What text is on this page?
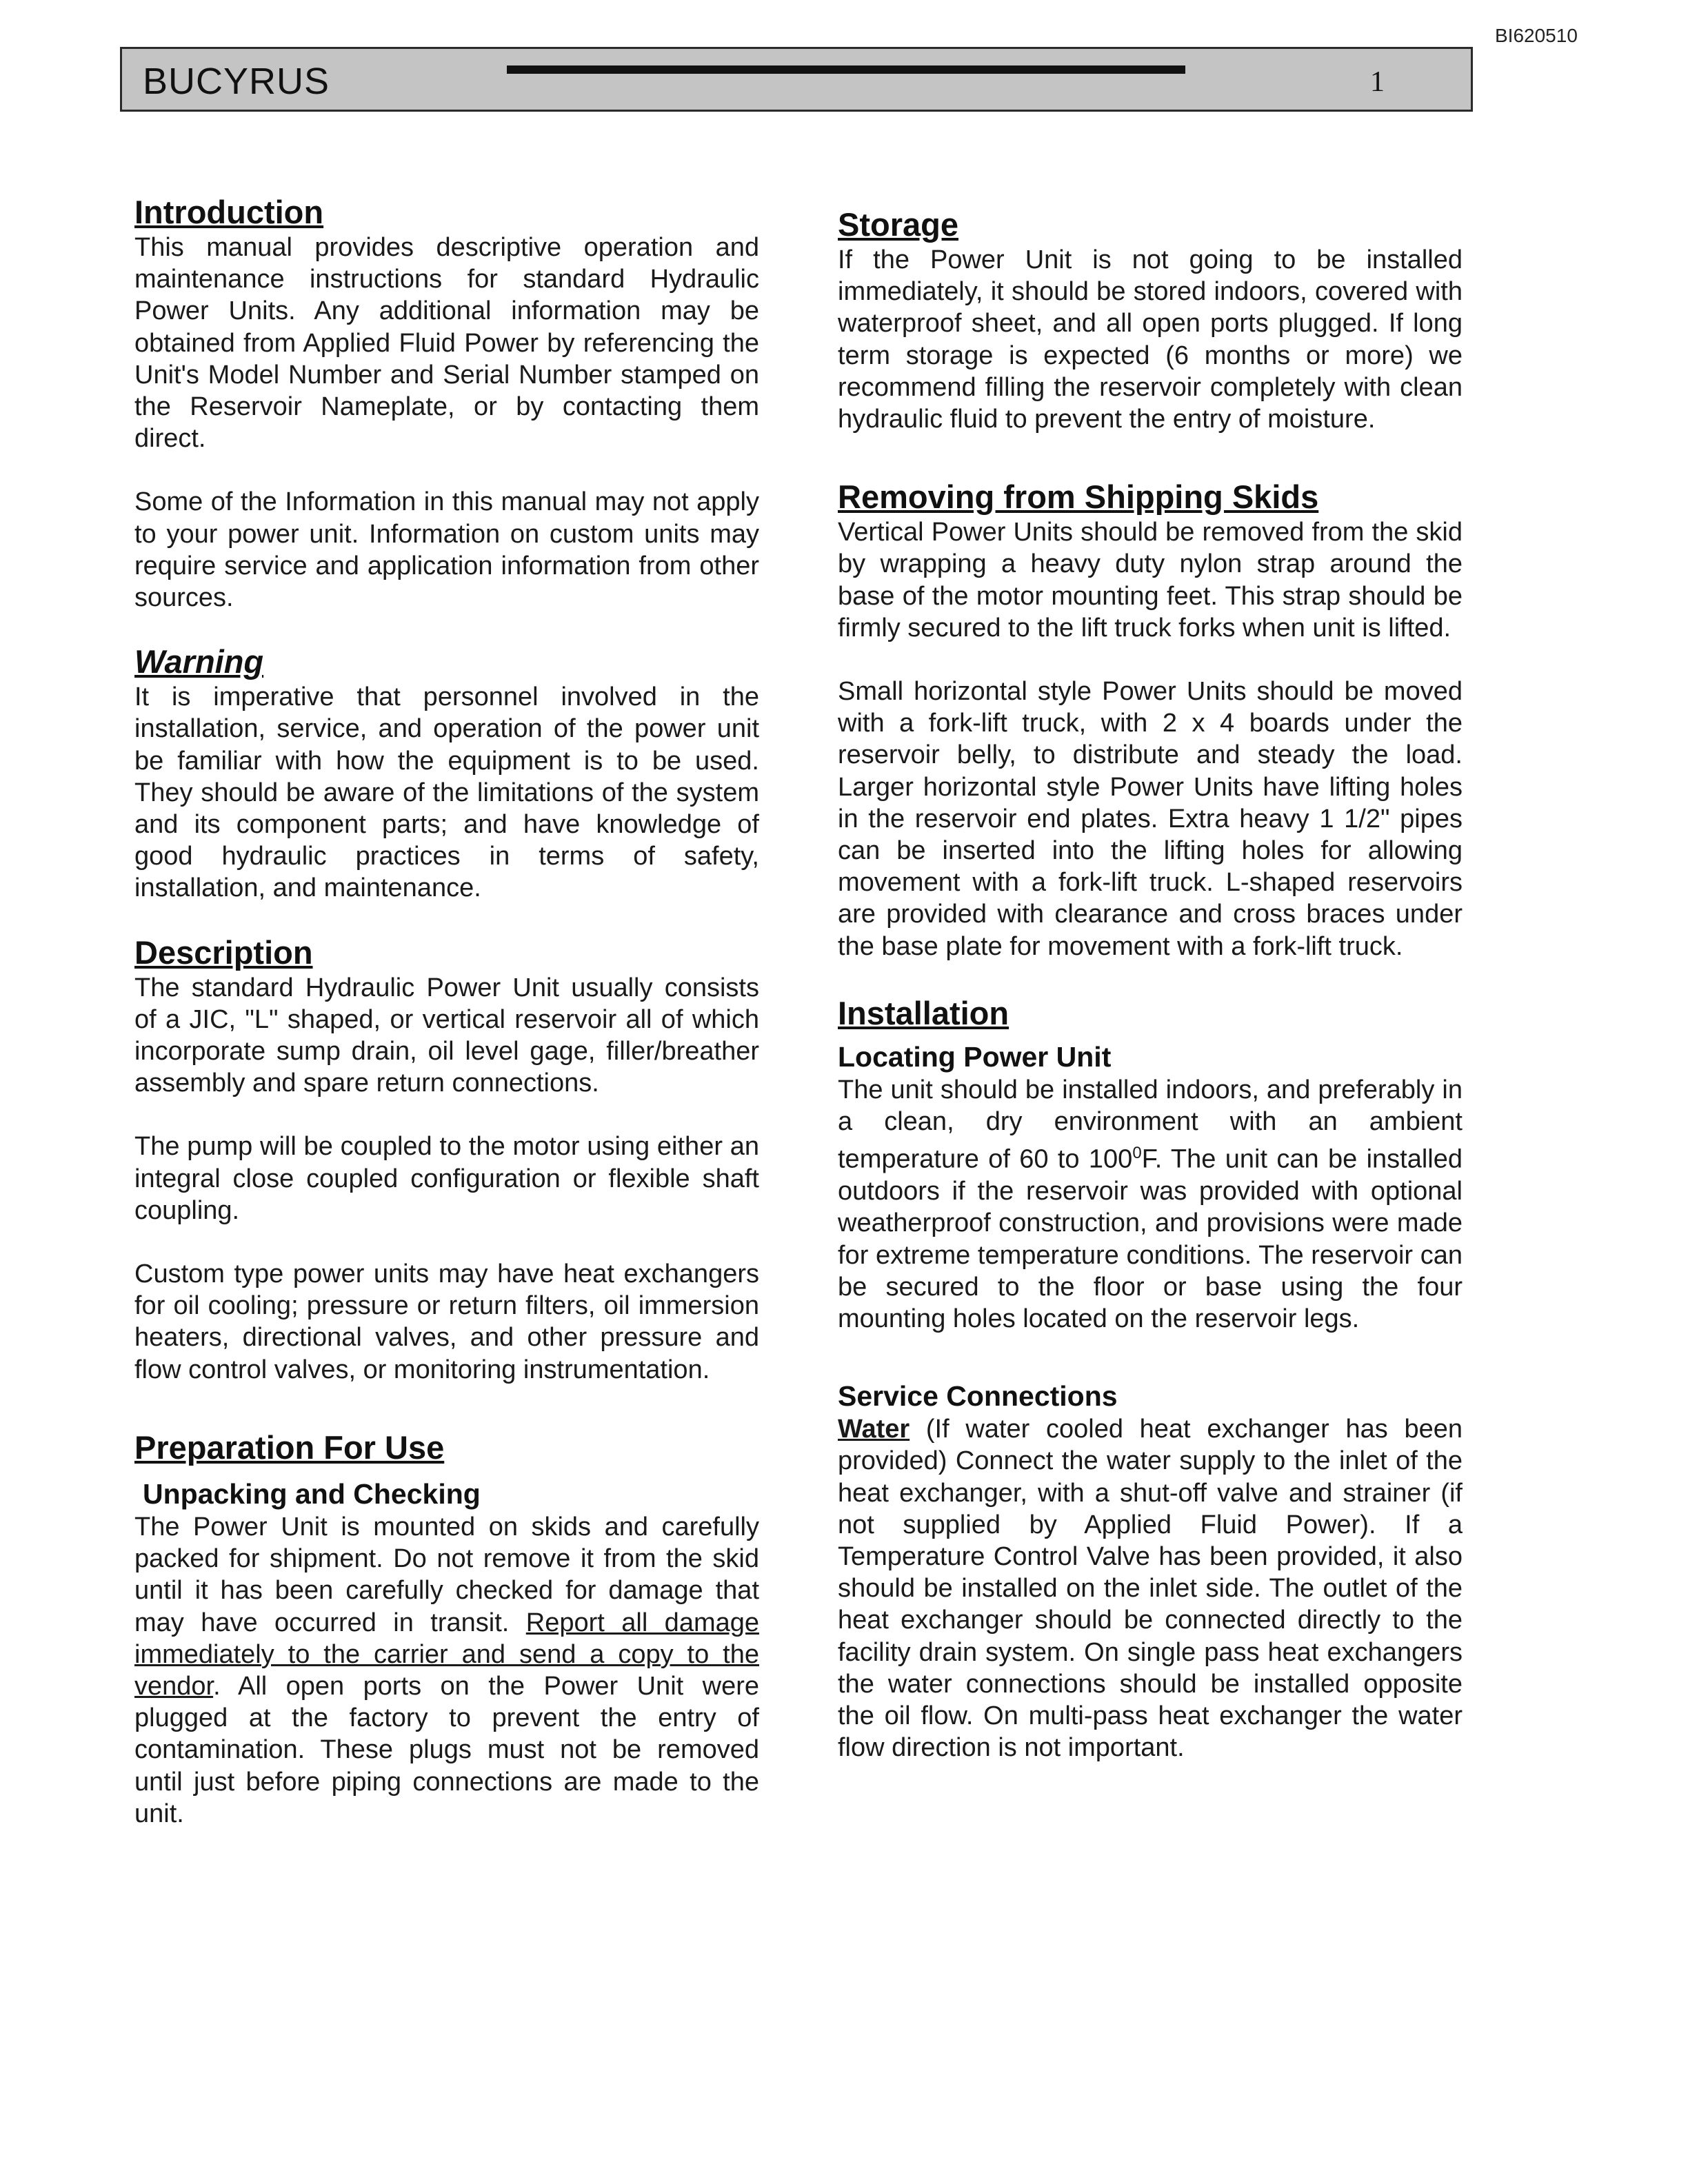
BI620510
BUCYRUS	1
Introduction

This manual provides descriptive operation and maintenance instructions for standard Hydraulic Power Units. Any additional information may be obtained from Applied Fluid Power by referencing the Unit's Model Number and Serial Number stamped on the Reservoir Nameplate, or by contacting them direct.

Some of the Information in this manual may not apply to your power unit. Information on custom units may require service and application information from other sources.

Warning

It is imperative that personnel involved in the installation, service, and operation of the power unit be familiar with how the equipment is to be used. They should be aware of the limitations of the system and its component parts; and have knowledge of good hydraulic practices in terms of safety, installation, and maintenance.

Description

The standard Hydraulic Power Unit usually consists of a JIC, "L" shaped, or vertical reservoir all of which incorporate sump drain, oil level gage, filler/breather assembly and spare return connections.

The pump will be coupled to the motor using either an integral close coupled configuration or flexible shaft coupling.

Custom type power units may have heat exchangers for oil cooling; pressure or return filters, oil immersion heaters, directional valves, and other pressure and flow control valves, or monitoring instrumentation.

Preparation For Use
Unpacking and Checking

The Power Unit is mounted on skids and carefully packed for shipment. Do not remove it from the skid until it has been carefully checked for damage that may have occurred in transit. Report all damage immediately to the carrier and send a copy to the vendor. All open ports on the Power Unit were plugged at the factory to prevent the entry of contamination. These plugs must not be removed until just before piping connections are made to the unit.

Storage

If the Power Unit is not going to be installed immediately, it should be stored indoors, covered with waterproof sheet, and all open ports plugged. If long term storage is expected (6 months or more) we recommend filling the reservoir completely with clean hydraulic fluid to prevent the entry of moisture.

Removing from Shipping Skids

Vertical Power Units should be removed from the skid by wrapping a heavy duty nylon strap around the base of the motor mounting feet. This strap should be firmly secured to the lift truck forks when unit is lifted.

Small horizontal style Power Units should be moved with a fork-lift truck, with 2 x 4 boards under the reservoir belly, to distribute and steady the load. Larger horizontal style Power Units have lifting holes in the reservoir end plates. Extra heavy 1 1/2" pipes can be inserted into the lifting holes for allowing movement with a fork-lift truck. L-shaped reservoirs are provided with clearance and cross braces under the base plate for movement with a fork-lift truck.

Installation
Locating Power Unit

The unit should be installed indoors, and preferably in a clean, dry environment with an ambient temperature of 60 to $100^0F$. The unit can be installed outdoors if the reservoir was provided with optional weatherproof construction, and provisions were made for extreme temperature conditions. The reservoir can be secured to the floor or base using the four mounting holes located on the reservoir legs.

Service Connections

Water (If water cooled heat exchanger has been provided) Connect the water supply to the inlet of the heat exchanger, with a shut-off valve and strainer (if not supplied by Applied Fluid Power). If a Temperature Control Valve has been provided, it also should be installed on the inlet side. The outlet of the heat exchanger should be connected directly to the facility drain system. On single pass heat exchangers the water connections should be installed opposite the oil flow. On multi-pass heat exchanger the water flow direction is not important.
